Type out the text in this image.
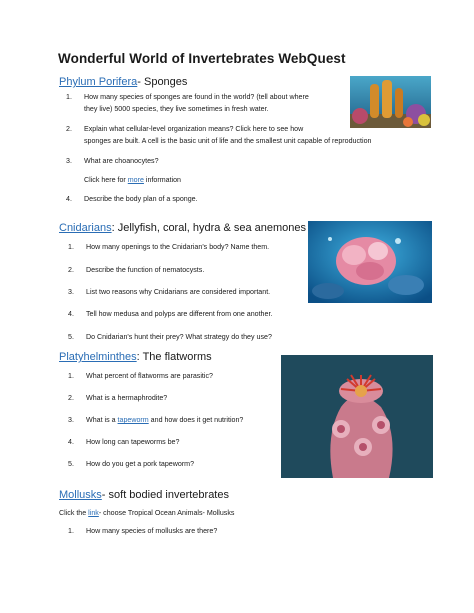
Wonderful World of Invertebrates WebQuest
Phylum Porifera- Sponges
1. How many species of sponges are found in the world? (tell about where
they live) 5000 species, they live sometimes in fresh water.
2. Explain what cellular-level organization means? Click here to see how
sponges are built. A cell is the basic unit of life and the smallest unit capable of reproduction
3. What are choanocytes?
Click here for more information
4. Describe the body plan of a sponge.
Cnidarians: Jellyfish, coral, hydra & sea anemones
1. How many openings to the Cnidarian's body? Name them.
2. Describe the function of nematocysts.
3. List two reasons why Cnidarians are considered important.
4. Tell how medusa and polyps are different from one another.
5. Do Cnidarian's hunt their prey? What strategy do they use?
Platyhelminthes: The flatworms
1. What percent of flatworms are parasitic?
2. What is a hermaphrodite?
3. What is a tapeworm and how does it get nutrition?
4. How long can tapeworms be?
5. How do you get a pork tapeworm?
Mollusks- soft bodied invertebrates
Click the link- choose Tropical Ocean Animals- Mollusks
1. How many species of mollusks are there?
